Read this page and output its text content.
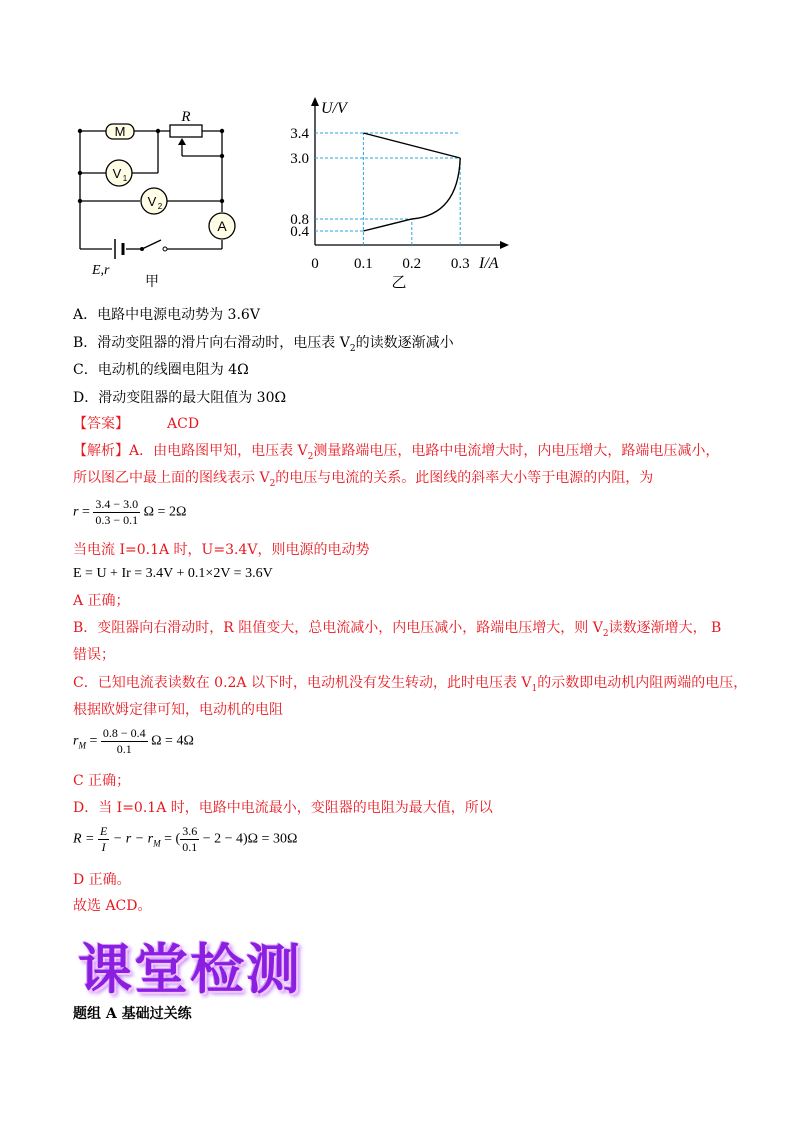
M
V 1
V 2
A
R
E,r
甲
U/V
I/A
0
3.4
3.0
0.8
0.4
0.1 0.2 0.3
乙
A．电路中电源电动势为 3.6V
B．滑动变阻器的滑片向右滑动时，电压表 $V_2$的读数逐渐减小
C．电动机的线圈电阻为 4Ω
D．滑动变阻器的最大阻值为 30Ω
【答案】	ACD
【解析】A．由电路图甲知，电压表 $V_2$测量路端电压，电路中电流增大时，内电压增大，路端电压减小，
所以图乙中最上面的图线表示 $V_2$的电压与电流的关系。此图线的斜率大小等于电源的内阻，为
$r = \frac{3.4 - 3.0}{0.3 - 0.1}$ Ω = 2Ω
当电流 I=0.1A 时，U=3.4V，则电源的电动势
E = U + Ir = 3.4V + 0.1×2V = 3.6V
A 正确；
B．变阻器向右滑动时，R 阻值变大，总电流减小，内电压减小，路端电压增大，则 $V_2$读数逐渐增大， B
错误；
C．已知电流表读数在 0.2A 以下时，电动机没有发生转动，此时电压表 $V_1$的示数即电动机内阻两端的电压，
根据欧姆定律可知，电动机的电阻
$r_M = \frac{0.8 - 0.4}{0.1}$ Ω = 4Ω
C 正确；
D．当 I=0.1A 时，电路中电流最小，变阻器的电阻为最大值，所以
$R = \frac{E}{I} - r - r_M$ = ( $\frac{3.6}{0.1} - 2 - 4)\Omega = 30\Omega$
D 正确。
故选 ACD。
课堂检测
题组 A 基础过关练
